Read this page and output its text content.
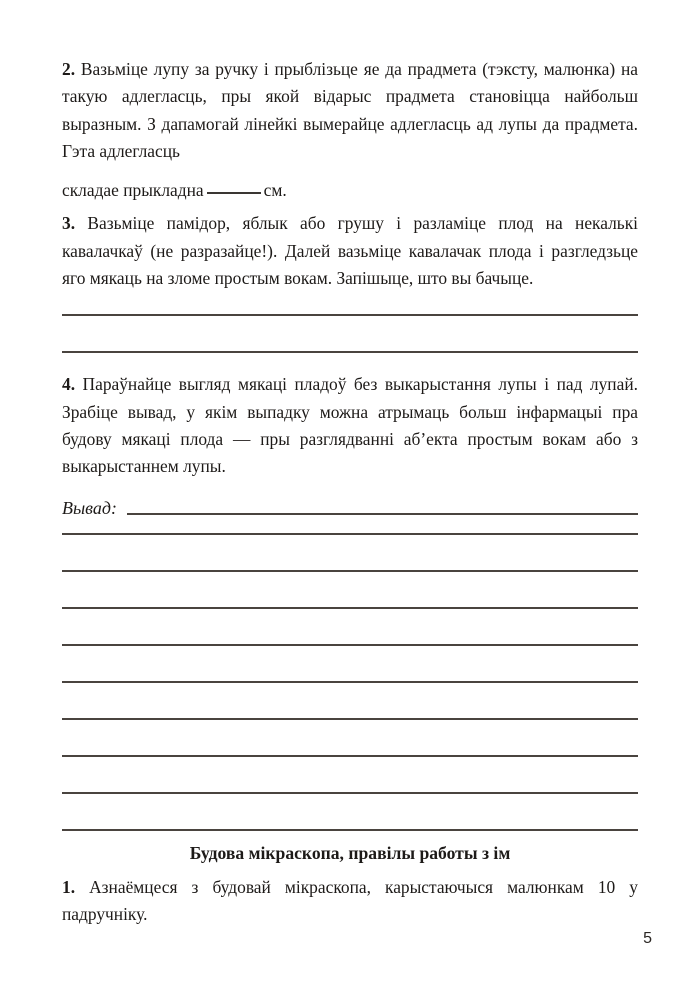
2. Вазьміце лупу за ручку і прыблізьце яе да прадмета (тэксту, малюнка) на такую адлегласць, пры якой відарыс прадмета становіцца найбольш выразным. З дапамогай лінейкі вымерайце адлегласць ад лупы да прадмета. Гэта адлегласць

складае прыкладна	см.

3. Вазьміце памідор, яблык або грушу і разламіце плод на некалькі кавалачкаў (не разразайце!). Далей вазьміце кавалачак плода і разгледзьце яго мякаць на зломе простым вокам. Запішыце, што вы бачыце.

4. Параўнайце выгляд мякаці пладоў без выкарыстання лупы і пад лупай. Зрабіце вывад, у якім выпадку можна атрымаць больш інфармацыі пра будову мякаці плода — пры разглядванні аб’екта простым вокам або з выкарыстаннем лупы.

Вывад:
Будова мікраскопа, правілы работы з ім

1. Азнаёмцеся з будовай мікраскопа, карыстаючыся малюнкам 10 у падручніку.

5
